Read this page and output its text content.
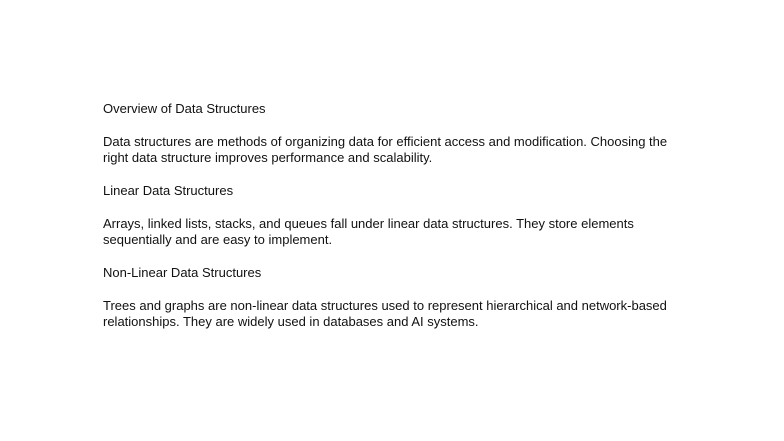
Overview of Data Structures

Data structures are methods of organizing data for efficient access and modification. Choosing the right data structure improves performance and scalability.

Linear Data Structures

Arrays, linked lists, stacks, and queues fall under linear data structures. They store elements sequentially and are easy to implement.

Non-Linear Data Structures

Trees and graphs are non-linear data structures used to represent hierarchical and network-based relationships. They are widely used in databases and AI systems.
